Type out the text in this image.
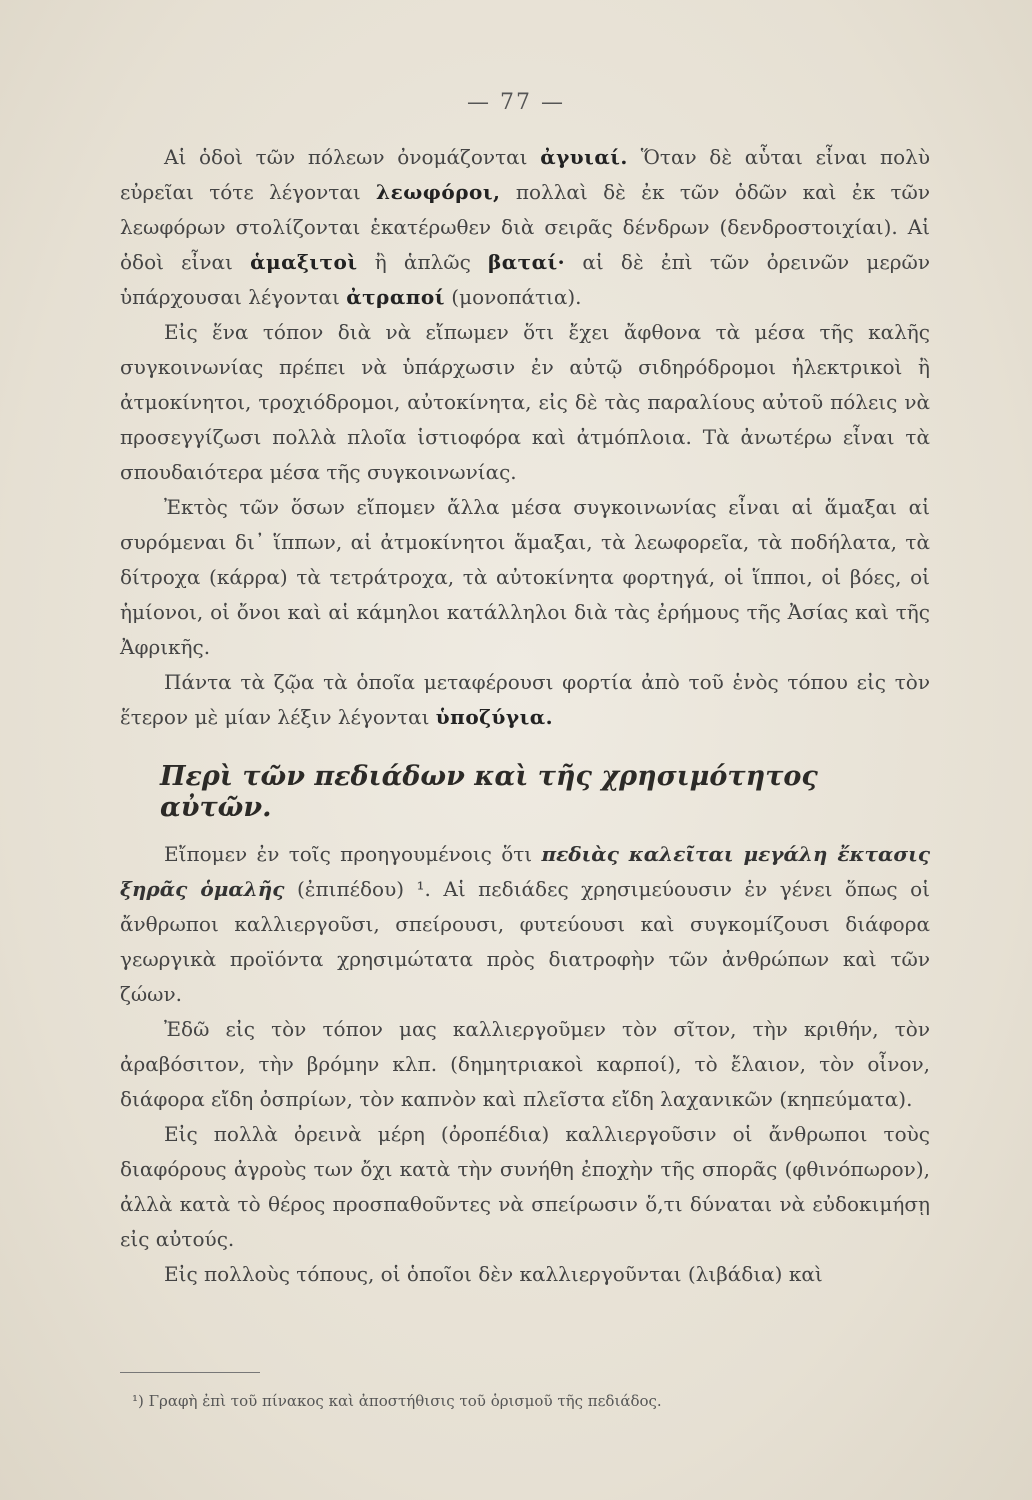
— 77 —

Αἱ ὁδοὶ τῶν πόλεων ὀνομάζονται ἀγυιαί. Ὅταν δὲ αὗται εἶναι πολὺ εὐρεῖαι τότε λέγονται λεωφόροι, πολλαὶ δὲ ἐκ τῶν ὁδῶν καὶ ἐκ τῶν λεωφόρων στολίζονται ἑκατέρωθεν διὰ σειρᾶς δένδρων (δενδροστοιχίαι). Αἱ ὁδοὶ εἶναι ἁμαξιτοὶ ἢ ἁπλῶς βαταί· αἱ δὲ ἐπὶ τῶν ὀρεινῶν μερῶν ὑπάρχουσαι λέγονται ἀτραποί (μονοπάτια).

Εἰς ἕνα τόπον διὰ νὰ εἴπωμεν ὅτι ἔχει ἄφθονα τὰ μέσα τῆς καλῆς συγκοινωνίας πρέπει νὰ ὑπάρχωσιν ἐν αὐτῷ σιδηρόδρομοι ἠλεκτρικοὶ ἢ ἀτμοκίνητοι, τροχιόδρομοι, αὐτοκίνητα, εἰς δὲ τὰς παραλίους αὐτοῦ πόλεις νὰ προσεγγίζωσι πολλὰ πλοῖα ἱστιοφόρα καὶ ἀτμόπλοια. Τὰ ἀνωτέρω εἶναι τὰ σπουδαιότερα μέσα τῆς συγκοινωνίας.

Ἐκτὸς τῶν ὅσων εἴπομεν ἄλλα μέσα συγκοινωνίας εἶναι αἱ ἅμαξαι αἱ συρόμεναι δι᾽ ἵππων, αἱ ἀτμοκίνητοι ἅμαξαι, τὰ λεωφορεῖα, τὰ ποδήλατα, τὰ δίτροχα (κάρρα) τὰ τετράτροχα, τὰ αὐτοκίνητα φορτηγά, οἱ ἵπποι, οἱ βόες, οἱ ἡμίονοι, οἱ ὄνοι καὶ αἱ κάμηλοι κατάλληλοι διὰ τὰς ἐρήμους τῆς Ἀσίας καὶ τῆς Ἀφρικῆς.

Πάντα τὰ ζῷα τὰ ὁποῖα μεταφέρουσι φορτία ἀπὸ τοῦ ἑνὸς τόπου εἰς τὸν ἕτερον μὲ μίαν λέξιν λέγονται ὑποζύγια.

Περὶ τῶν πεδιάδων καὶ τῆς χρησιμότητος αὐτῶν.

Εἴπομεν ἐν τοῖς προηγουμένοις ὅτι πεδιὰς καλεῖται μεγάλη ἔκτασις ξηρᾶς ὁμαλῆς (ἐπιπέδου) ¹. Αἱ πεδιάδες χρησιμεύουσιν ἐν γένει ὅπως οἱ ἄνθρωποι καλλιεργοῦσι, σπείρουσι, φυτεύουσι καὶ συγκομίζουσι διάφορα γεωργικὰ προϊόντα χρησιμώτατα πρὸς διατροφὴν τῶν ἀνθρώπων καὶ τῶν ζώων.

Ἐδῶ εἰς τὸν τόπον μας καλλιεργοῦμεν τὸν σῖτον, τὴν κριθήν, τὸν ἀραβόσιτον, τὴν βρόμην κλπ. (δημητριακοὶ καρποί), τὸ ἔλαιον, τὸν οἶνον, διάφορα εἴδη ὀσπρίων, τὸν καπνὸν καὶ πλεῖστα εἴδη λαχανικῶν (κηπεύματα).

Εἰς πολλὰ ὀρεινὰ μέρη (ὀροπέδια) καλλιεργοῦσιν οἱ ἄνθρωποι τοὺς διαφόρους ἀγροὺς των ὄχι κατὰ τὴν συνήθη ἐποχὴν τῆς σπορᾶς (φθινόπωρον), ἀλλὰ κατὰ τὸ θέρος προσπαθοῦντες νὰ σπείρωσιν ὅ,τι δύναται νὰ εὐδοκιμήσῃ εἰς αὐτούς.

Εἰς πολλοὺς τόπους, οἱ ὁποῖοι δὲν καλλιεργοῦνται (λιβάδια) καὶ

¹) Γραφὴ ἐπὶ τοῦ πίνακος καὶ ἀποστήθισις τοῦ ὁρισμοῦ τῆς πεδιάδος.
